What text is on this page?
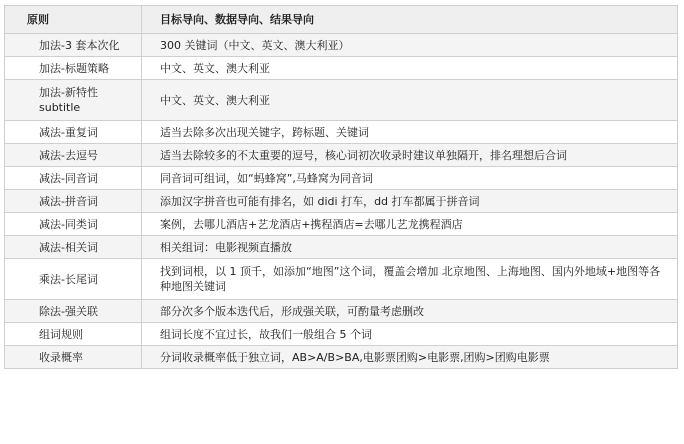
原则	目标导向、数据导向、结果导向
加法-3 套本次化	300 关键词（中文、英文、澳大利亚）
加法-标题策略	中文、英文、澳大利亚
加法-新特性 subtitle	中文、英文、澳大利亚
减法-重复词	适当去除多次出现关键字，跨标题、关键词
减法-去逗号	适当去除较多的不太重要的逗号，核心词初次收录时建议单独隔开，排名理想后合词
减法-同音词	同音词可组词，如“蚂蜂窝”,马蜂窝为同音词
减法-拼音词	添加汉字拼音也可能有排名，如 didi 打车，dd 打车都属于拼音词
减法-同类词	案例，去哪儿酒店+艺龙酒店+携程酒店=去哪儿艺龙携程酒店
减法-相关词	相关组词：电影视频直播放
乘法-长尾词	找到词根，以 1 顶千，如添加“地图”这个词，覆盖会增加 北京地图、上海地图、国内外地域+地图等各种地图关键词
除法-强关联	部分次多个版本迭代后，形成强关联，可酌量考虑删改
组词规则	组词长度不宜过长，故我们一般组合 5 个词
收录概率	分词收录概率低于独立词，AB>A/B>BA,电影票团购>电影票,团购>团购电影票
